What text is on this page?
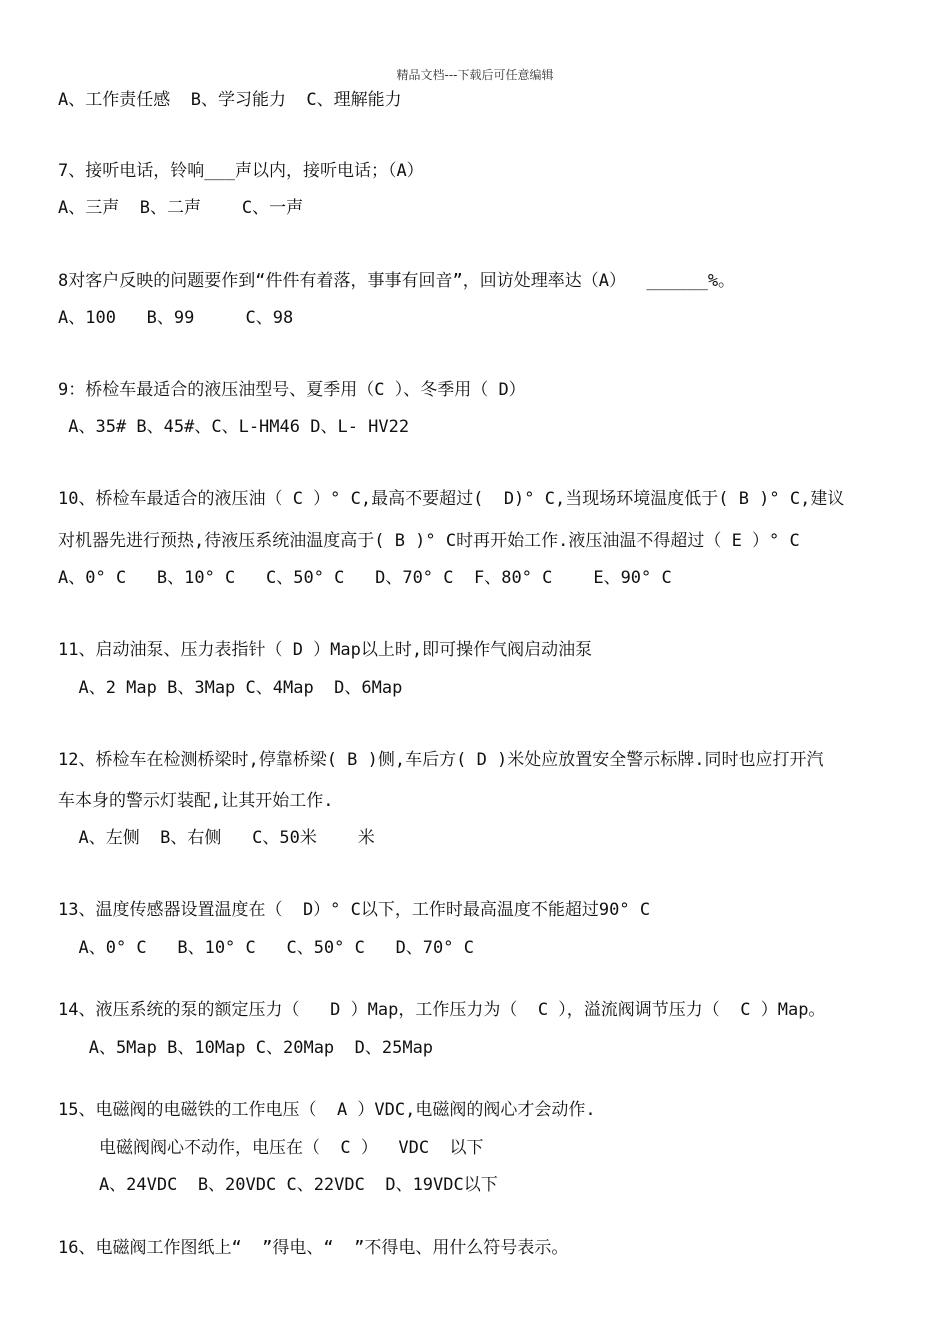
精品文档---下载后可任意编辑
A、工作责任感  B、学习能力  C、理解能力
7、接听电话，铃响___声以内，接听电话；（A）
A、三声  B、二声    C、一声
8对客户反映的问题要作到“件件有着落，事事有回音”，回访处理率达（A）  ______%。
A、100   B、99     C、98
9：桥检车最适合的液压油型号、夏季用（C ）、冬季用（ D）
A、35# B、45#、C、L-HM46 D、L- HV22
10、桥检车最适合的液压油（ C ）° C,最高不要超过(  D)° C,当现场环境温度低于( B )° C,建议
对机器先进行预热,待液压系统油温度高于( B )° C时再开始工作.液压油温不得超过（ E ）° C
A、0° C   B、10° C   C、50° C   D、70° C  F、80° C    E、90° C
11、启动油泵、压力表指针（ D ）Map以上时,即可操作气阀启动油泵
A、2 Map B、3Map C、4Map  D、6Map
12、桥检车在检测桥梁时,停靠桥梁( B )侧,车后方( D )米处应放置安全警示标牌.同时也应打开汽
车本身的警示灯装配,让其开始工作.
A、左侧  B、右侧   C、50米    米
13、温度传感器设置温度在（  D）° C以下，工作时最高温度不能超过90° C
A、0° C   B、10° C   C、50° C   D、70° C
14、液压系统的泵的额定压力（   D ）Map，工作压力为（  C ），溢流阀调节压力（  C ）Map。
A、5Map B、10Map C、20Map  D、25Map
15、电磁阀的电磁铁的工作电压（  A ）VDC,电磁阀的阀心才会动作.
电磁阀阀心不动作，电压在（  C ）  VDC  以下
A、24VDC  B、20VDC C、22VDC  D、19VDC以下
16、电磁阀工作图纸上“  ”得电、“  ”不得电、用什么符号表示。
